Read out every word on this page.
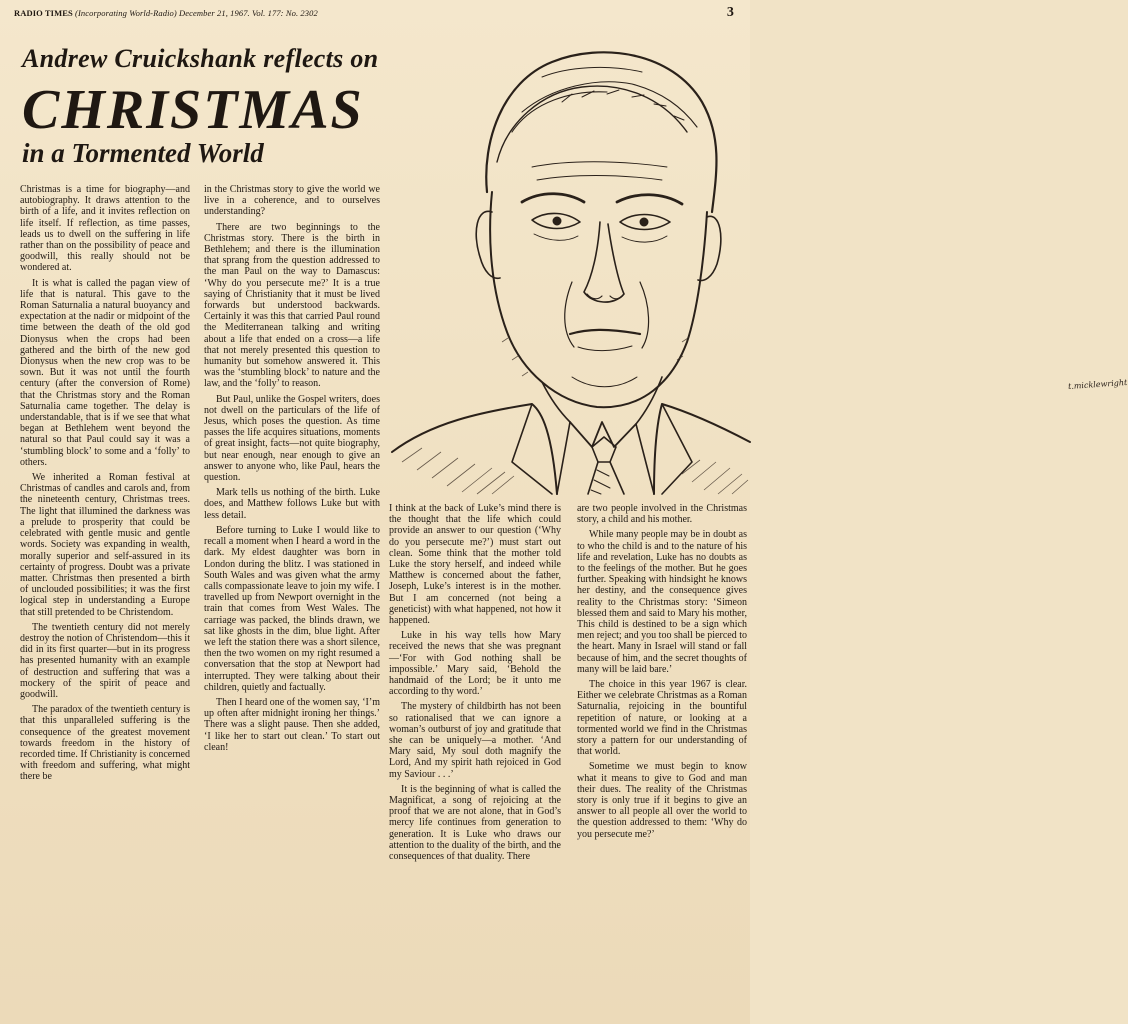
RADIO TIMES (Incorporating World-Radio) December 21, 1967. Vol. 177: No. 2302	3
Andrew Cruickshank reflects on
CHRISTMAS
in a Tormented World
t.micklewright

Christmas is a time for biography—and autobiography. It draws attention to the birth of a life, and it invites reflection on life itself. If reflection, as time passes, leads us to dwell on the suffering in life rather than on the possibility of peace and goodwill, this really should not be wondered at.

It is what is called the pagan view of life that is natural. This gave to the Roman Saturnalia a natural buoyancy and expectation at the nadir or midpoint of the time between the death of the old god Dionysus when the crops had been gathered and the birth of the new god Dionysus when the new crop was to be sown. But it was not until the fourth century (after the conversion of Rome) that the Christmas story and the Roman Saturnalia came together. The delay is understandable, that is if we see that what began at Bethlehem went beyond the natural so that Paul could say it was a ‘stumbling block’ to some and a ‘folly’ to others.

We inherited a Roman festival at Christmas of candles and carols and, from the nineteenth century, Christmas trees. The light that illumined the darkness was a prelude to prosperity that could be celebrated with gentle music and gentle words. Society was expanding in wealth, morally superior and self-assured in its certainty of progress. Doubt was a private matter. Christmas then presented a birth of unclouded possibilities; it was the first logical step in understanding a Europe that still pretended to be Christendom.

The twentieth century did not merely destroy the notion of Christendom—this it did in its first quarter—but in its progress has presented humanity with an example of destruction and suffering that was a mockery of the spirit of peace and goodwill.

The paradox of the twentieth century is that this unparalleled suffering is the consequence of the greatest movement towards freedom in the history of recorded time. If Christianity is concerned with freedom and suffering, what might there be

in the Christmas story to give the world we live in a coherence, and to ourselves understanding?

There are two beginnings to the Christmas story. There is the birth in Bethlehem; and there is the illumination that sprang from the question addressed to the man Paul on the way to Damascus: ‘Why do you persecute me?’ It is a true saying of Christianity that it must be lived forwards but understood backwards. Certainly it was this that carried Paul round the Mediterranean talking and writing about a life that ended on a cross—a life that not merely presented this question to humanity but somehow answered it. This was the ‘stumbling block’ to nature and the law, and the ‘folly’ to reason.

But Paul, unlike the Gospel writers, does not dwell on the particulars of the life of Jesus, which poses the question. As time passes the life acquires situations, moments of great insight, facts—not quite biography, but near enough, near enough to give an answer to anyone who, like Paul, hears the question.

Mark tells us nothing of the birth. Luke does, and Matthew follows Luke but with less detail.

Before turning to Luke I would like to recall a moment when I heard a word in the dark. My eldest daughter was born in London during the blitz. I was stationed in South Wales and was given what the army calls compassionate leave to join my wife. I travelled up from Newport overnight in the train that comes from West Wales. The carriage was packed, the blinds drawn, we sat like ghosts in the dim, blue light. After we left the station there was a short silence, then the two women on my right resumed a conversation that the stop at Newport had interrupted. They were talking about their children, quietly and factually.

Then I heard one of the women say, ‘I’m up often after midnight ironing her things.’ There was a slight pause. Then she added, ‘I like her to start out clean.’ To start out clean!

I think at the back of Luke’s mind there is the thought that the life which could provide an answer to our question (‘Why do you persecute me?’) must start out clean. Some think that the mother told Luke the story herself, and indeed while Matthew is concerned about the father, Joseph, Luke’s interest is in the mother. But I am concerned (not being a geneticist) with what happened, not how it happened.

Luke in his way tells how Mary received the news that she was pregnant—‘For with God nothing shall be impossible.’ Mary said, ‘Behold the handmaid of the Lord; be it unto me according to thy word.’

The mystery of childbirth has not been so rationalised that we can ignore a woman’s outburst of joy and gratitude that she can be uniquely—a mother. ‘And Mary said, My soul doth magnify the Lord, And my spirit hath rejoiced in God my Saviour . . .’

It is the beginning of what is called the Magnificat, a song of rejoicing at the proof that we are not alone, that in God’s mercy life continues from generation to generation. It is Luke who draws our attention to the duality of the birth, and the consequences of that duality. There

are two people involved in the Christmas story, a child and his mother.

While many people may be in doubt as to who the child is and to the nature of his life and revelation, Luke has no doubts as to the feelings of the mother. But he goes further. Speaking with hindsight he knows her destiny, and the consequence gives reality to the Christmas story: ‘Simeon blessed them and said to Mary his mother, This child is destined to be a sign which men reject; and you too shall be pierced to the heart. Many in Israel will stand or fall because of him, and the secret thoughts of many will be laid bare.’

The choice in this year 1967 is clear. Either we celebrate Christmas as a Roman Saturnalia, rejoicing in the bountiful repetition of nature, or looking at a tormented world we find in the Christmas story a pattern for our understanding of that world.

Sometime we must begin to know what it means to give to God and man their dues. The reality of the Christmas story is only true if it begins to give an answer to all people all over the world to the question addressed to them: ‘Why do you persecute me?’
